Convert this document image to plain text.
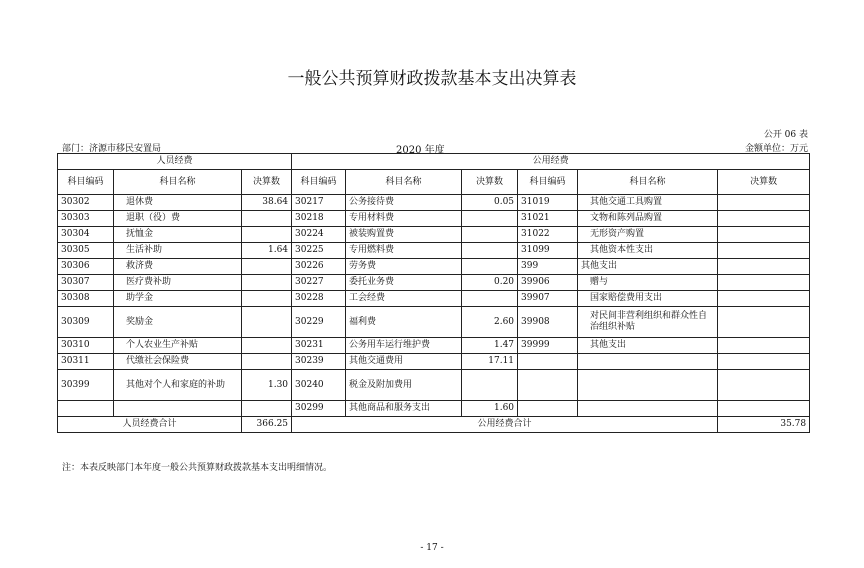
一般公共预算财政拨款基本支出决算表
公开 06 表
部门：济源市移民安置局	2020 年度	金额单位：万元
人员经费			公用经费					
科目编码	科目名称	决算数	科目编码	科目名称	决算数	科目编码	科目名称	决算数
30302	退休费	38.64	30217	公务接待费	0.05	31019	其他交通工具购置	
30303	退职（役）费		30218	专用材料费		31021	文物和陈列品购置	
30304	抚恤金		30224	被装购置费		31022	无形资产购置	
30305	生活补助	1.64	30225	专用燃料费		31099	其他资本性支出	
30306	救济费		30226	劳务费		399	其他支出	
30307	医疗费补助		30227	委托业务费	0.20	39906	赠与	
30308	助学金		30228	工会经费		39907	国家赔偿费用支出	
30309	奖励金		30229	福利费	2.60	39908	对民间非营利组织和群众性自治组织补贴	
30310	个人农业生产补贴		30231	公务用车运行维护费	1.47	39999	其他支出	
30311	代缴社会保险费		30239	其他交通费用	17.11			
30399	其他对个人和家庭的补助	1.30	30240	税金及附加费用				
			30299	其他商品和服务支出	1.60			
人员经费合计		366.25	公用经费合计					35.78
注：本表反映部门本年度一般公共预算财政拨款基本支出明细情况。
- 17 -
